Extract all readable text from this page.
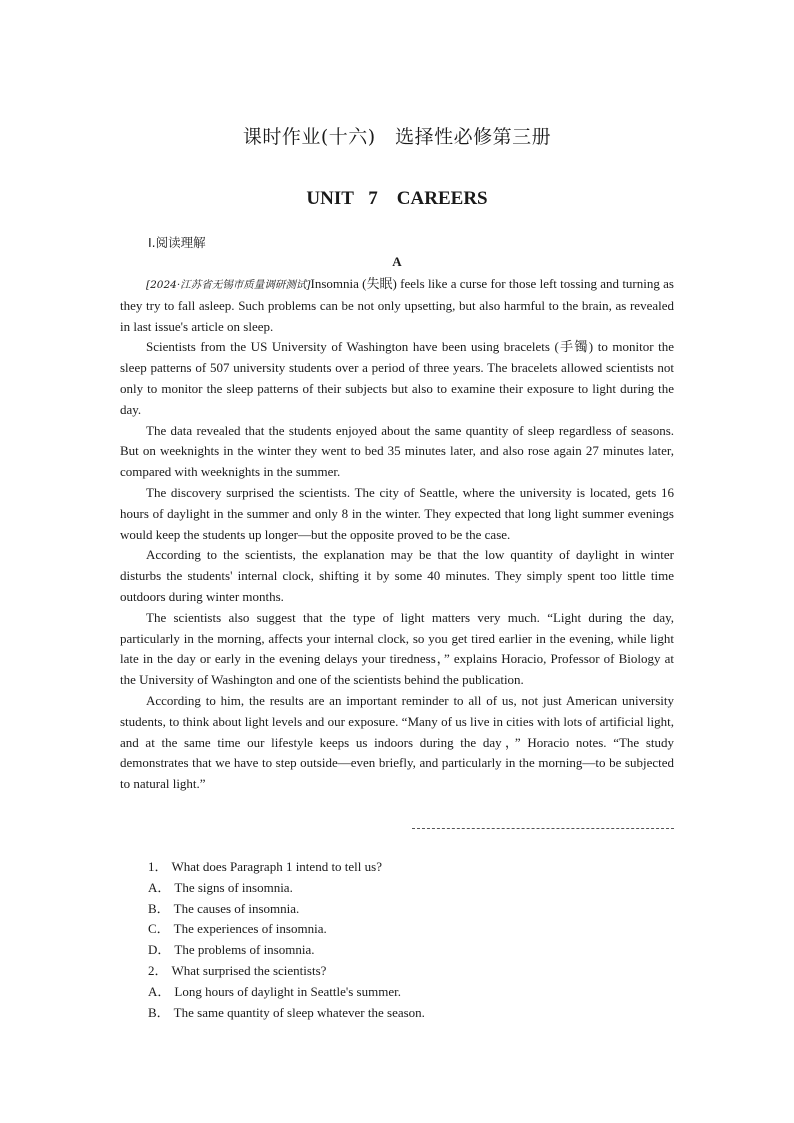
课时作业(十六)　选择性必修第三册
UNIT 7　CAREERS
Ⅰ.阅读理解
A

[2024·江苏省无锡市质量调研测试]Insomnia (失眠) feels like a curse for those left tossing and turning as they try to fall asleep. Such problems can be not only upsetting, but also harmful to the brain, as revealed in last issue's article on sleep.

Scientists from the US University of Washington have been using bracelets (手镯) to monitor the sleep patterns of 507 university students over a period of three years. The bracelets allowed scientists not only to monitor the sleep patterns of their subjects but also to examine their exposure to light during the day.

The data revealed that the students enjoyed about the same quantity of sleep regardless of seasons. But on weeknights in the winter they went to bed 35 minutes later, and also rose again 27 minutes later, compared with weeknights in the summer.

The discovery surprised the scientists. The city of Seattle, where the university is located, gets 16 hours of daylight in the summer and only 8 in the winter. They expected that long light summer evenings would keep the students up longer—but the opposite proved to be the case.

According to the scientists, the explanation may be that the low quantity of daylight in winter disturbs the students' internal clock, shifting it by some 40 minutes. They simply spent too little time outdoors during winter months.

The scientists also suggest that the type of light matters very much. “Light during the day, particularly in the morning, affects your internal clock, so you get tired earlier in the evening, while light late in the day or early in the evening delays your tiredness，” explains Horacio, Professor of Biology at the University of Washington and one of the scientists behind the publication.

According to him, the results are an important reminder to all of us, not just American university students, to think about light levels and our exposure. “Many of us live in cities with lots of artificial light, and at the same time our lifestyle keeps us indoors during the day，” Horacio notes. “The study demonstrates that we have to step outside—even briefly, and particularly in the morning—to be subjected to natural light.”

1． What does Paragraph 1 intend to tell us?

A． The signs of insomnia.

B． The causes of insomnia.

C． The experiences of insomnia.

D． The problems of insomnia.

2． What surprised the scientists?

A． Long hours of daylight in Seattle's summer.

B． The same quantity of sleep whatever the season.
